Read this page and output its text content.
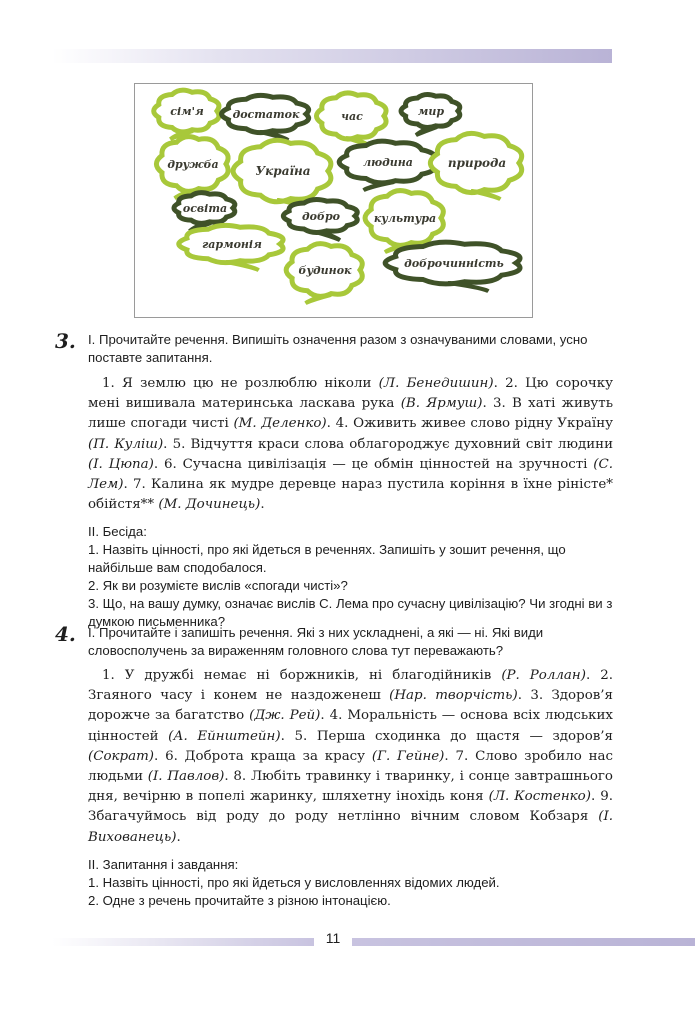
сім'я	достаток	час	мир
дружба	Україна
людина	природа
освіта
добро	культура
гармонія
будинок
доброчинність
3. І. Прочитайте речення. Випишіть означення разом з означуваними словами, усно поставте запитання.

1. Я землю цю не розлюблю ніколи (Л. Бенедишин). 2. Цю сорочку мені вишивала материнська ласкава рука (В. Ярмуш). 3. В хаті живуть лише спогади чисті (М. Деленко). 4. Оживить живее слово рідну Україну (П. Куліш). 5. Відчуття краси слова облагороджує духовний світ людини (І. Цюпа). 6. Сучасна цивілізація — це обмін цінностей на зручності (С. Лем). 7. Калина як мудре деревце нараз пустила коріння в їхне ріністе* обійстя** (М. Дочинець).

ІІ. Бесіда:

1. Назвіть цінності, про які йдеться в реченнях. Запишіть у зошит речення, що найбільше вам сподобалося.

2. Як ви розумієте вислів «спогади чисті»?

3. Що, на вашу думку, означає вислів С. Лема про сучасну цивілізацію? Чи згодні ви з думкою письменника?

4. І. Прочитайте і запишіть речення. Які з них ускладнені, а які — ні. Які види словосполучень за вираженням головного слова тут переважають?

1. У дружбі немає ні боржників, ні благодійників (Р. Роллан). 2. Згаяного часу і конем не наздоженеш (Нар. творчість). 3. Здоров’я дорожче за багатство (Дж. Рей). 4. Моральність — основа всіх людських цінностей (А. Ейнштейн). 5. Перша сходинка до щастя — здоров’я (Сократ). 6. Доброта краща за красу (Г. Гейне). 7. Слово зробило нас людьми (І. Павлов). 8. Любіть травинку і тваринку, і сонце завтрашнього дня, вечірню в попелі жаринку, шляхетну інохідь коня (Л. Костенко). 9. Збагачуймось від роду до роду нетлінно вічним словом Кобзаря (І. Вихованець).

ІІ. Запитання і завдання:

1. Назвіть цінності, про які йдеться у висловленнях відомих людей.

2. Одне з речень прочитайте з різною інтонацією.

11
